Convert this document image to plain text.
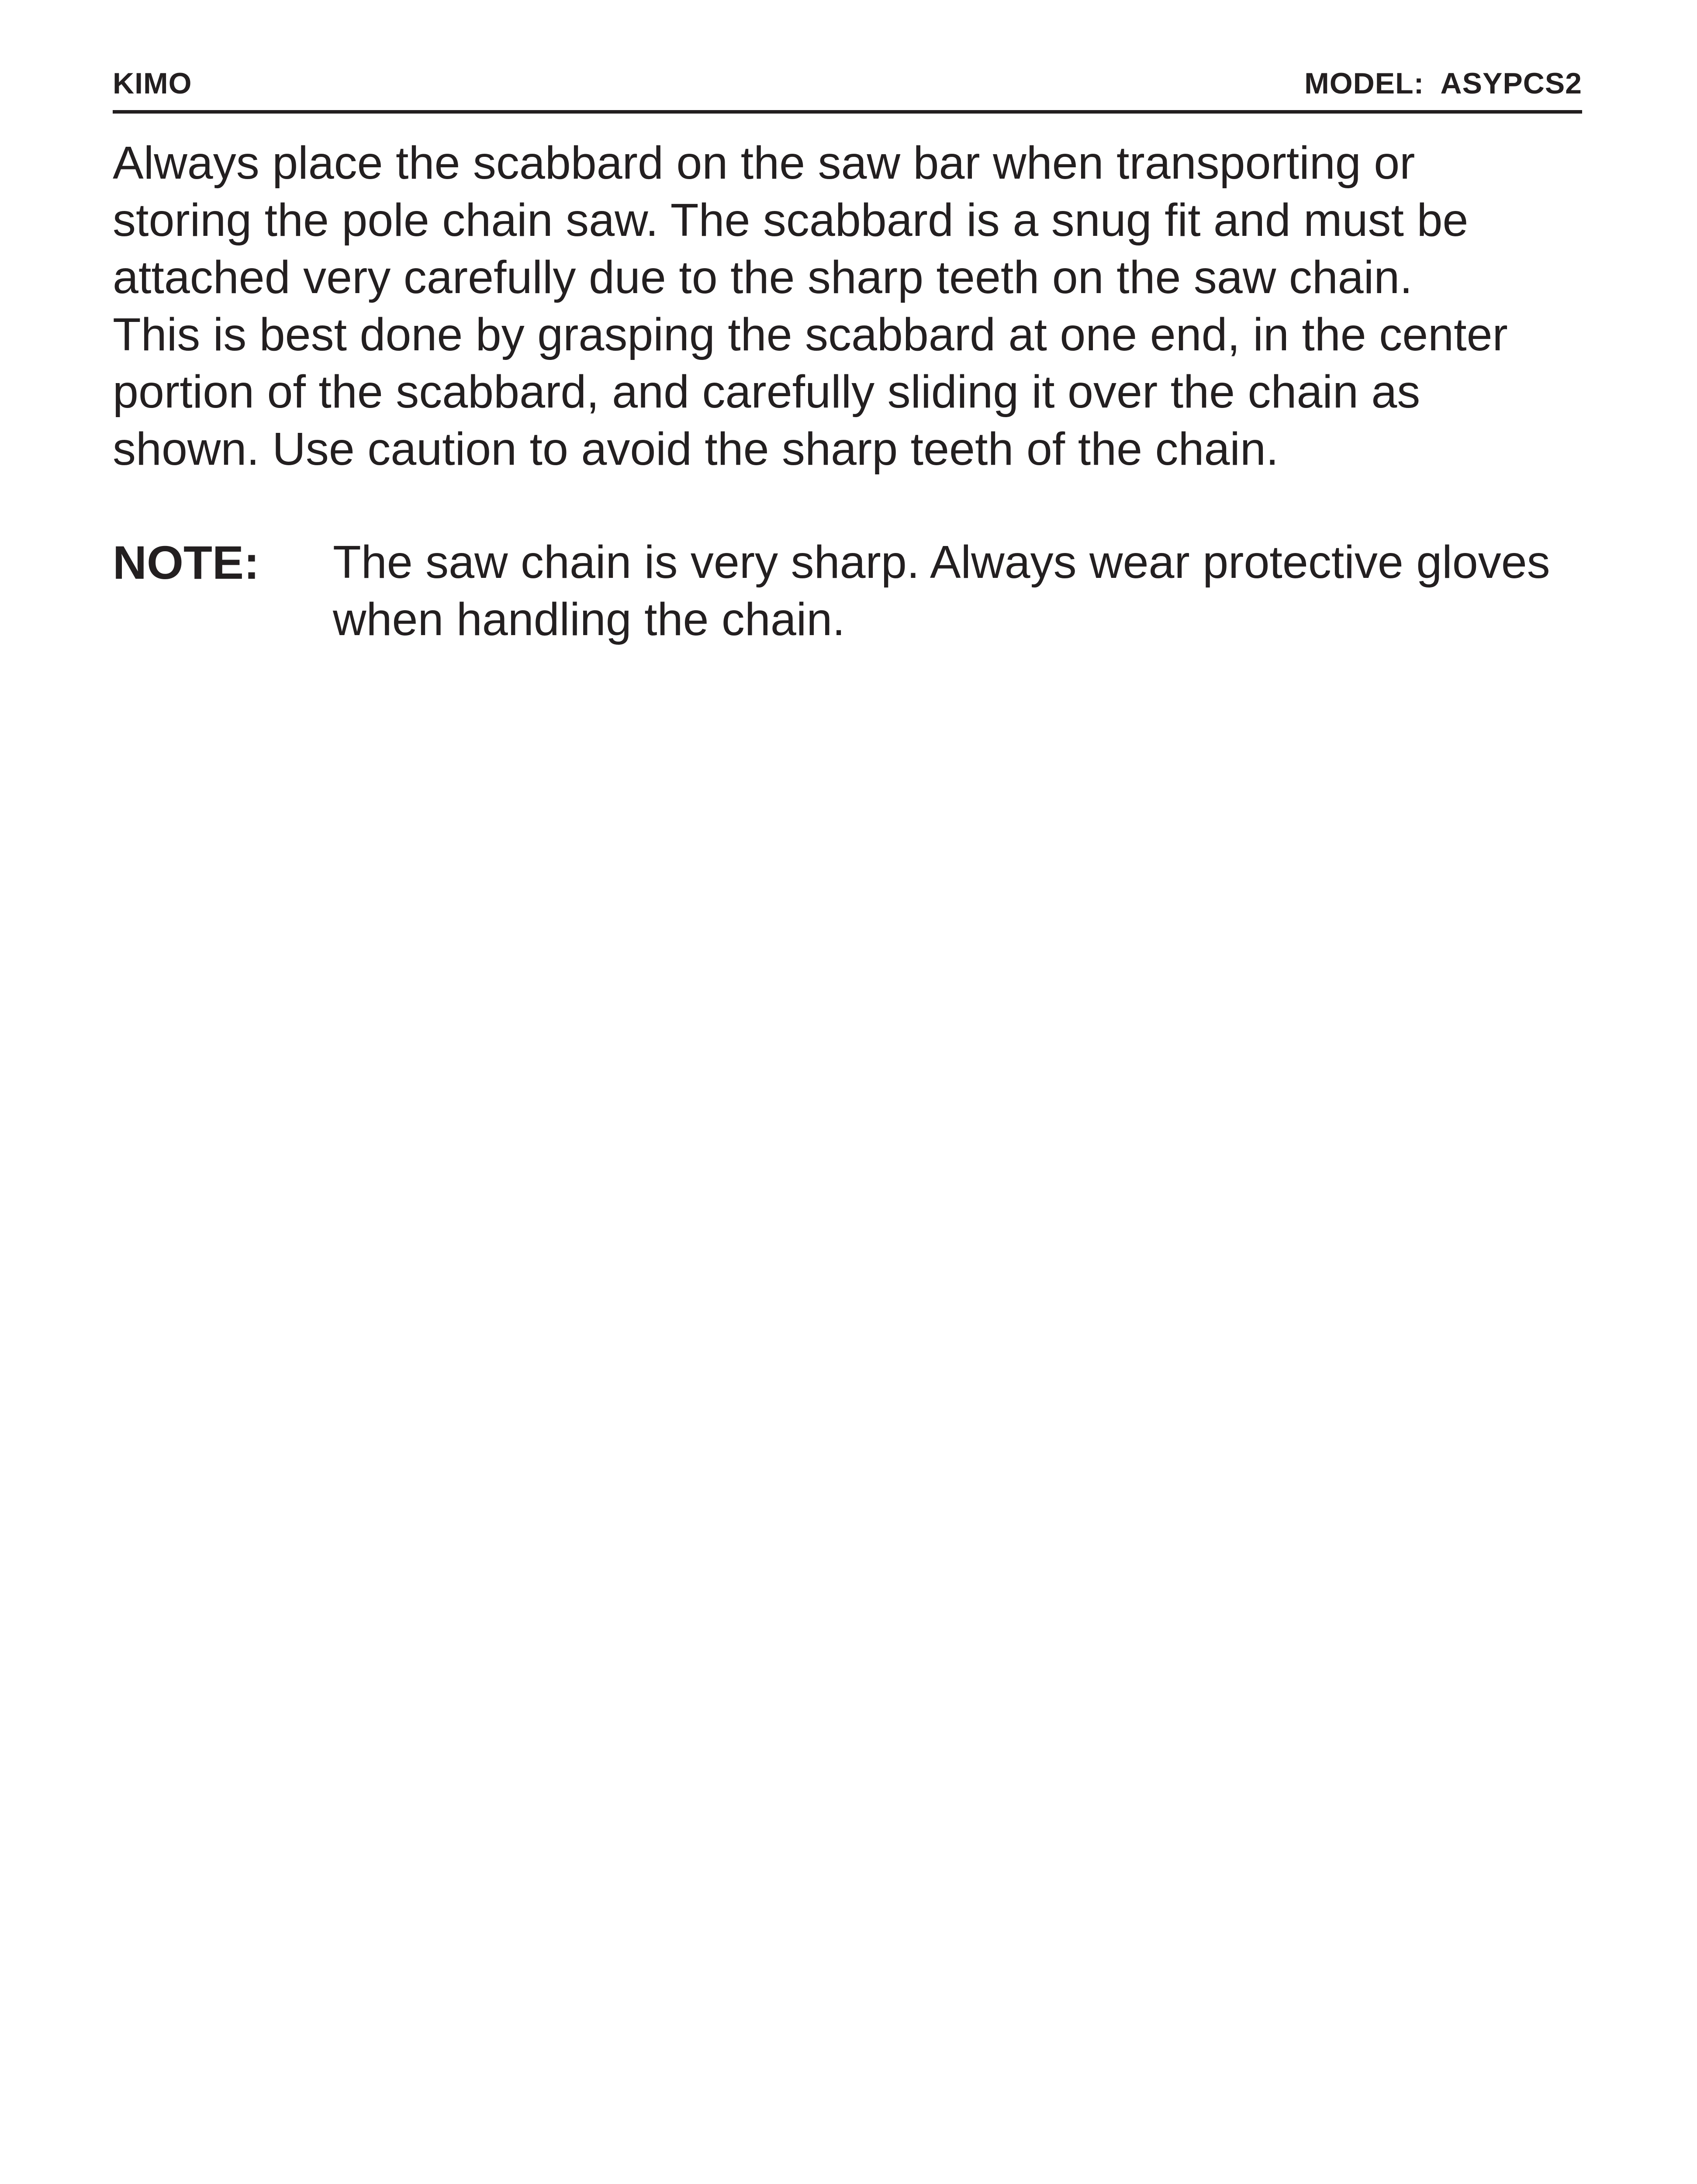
KIMO	MODEL:  ASYPCS2

Always place the scabbard on the saw bar when transporting or
storing the pole chain saw. The scabbard is a snug fit and must be
attached very carefully due to the sharp teeth on the saw chain.
This is best done by grasping the scabbard at one end, in the center
portion of the scabbard, and carefully sliding it over the chain as
shown. Use caution to avoid the sharp teeth of the chain.

NOTE: The saw chain is very sharp. Always wear protective gloves
when handling the chain.
